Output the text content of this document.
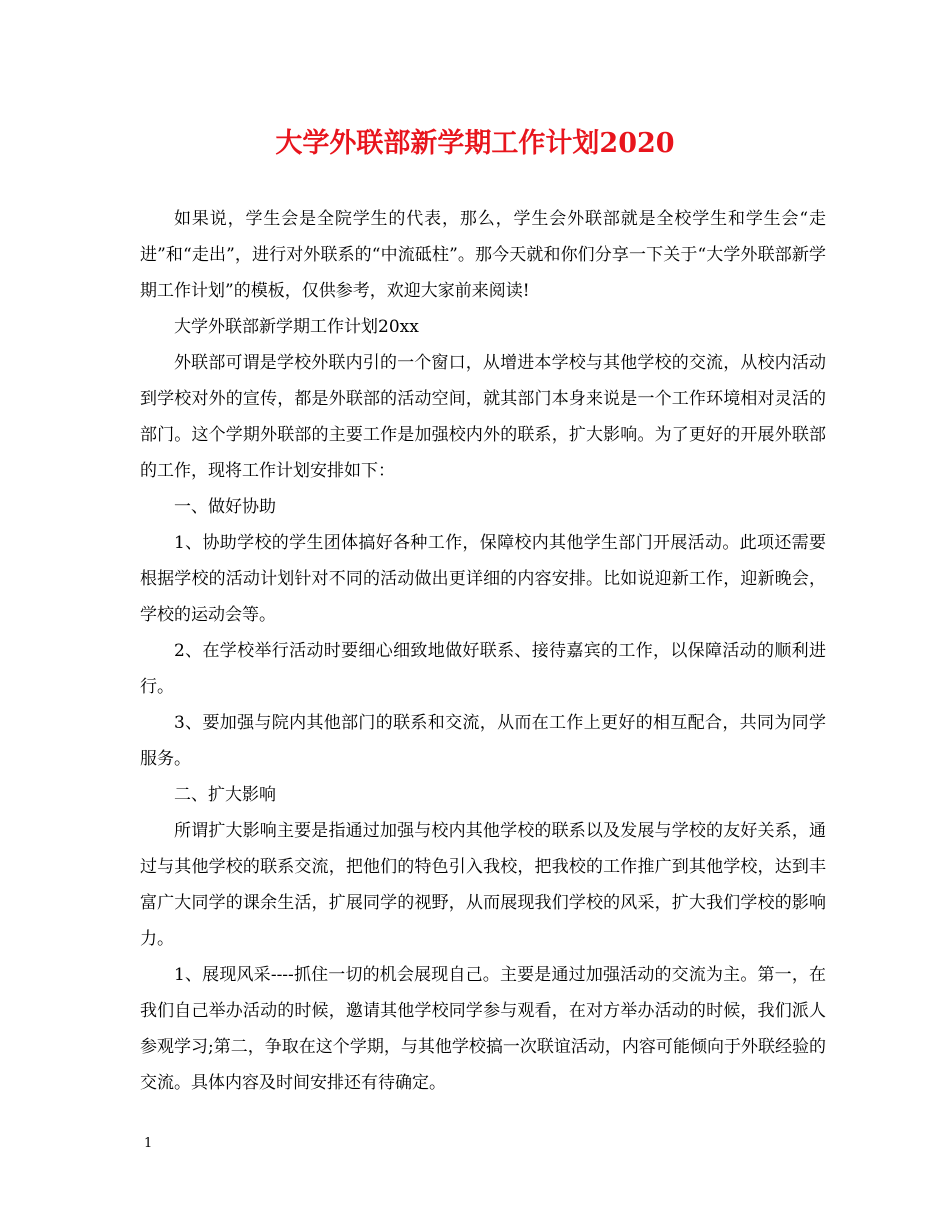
大学外联部新学期工作计划2020

如果说，学生会是全院学生的代表，那么，学生会外联部就是全校学生和学生会“走进”和“走出”，进行对外联系的“中流砥柱”。那今天就和你们分享一下关于“大学外联部新学期工作计划”的模板，仅供参考，欢迎大家前来阅读!

大学外联部新学期工作计划20xx

外联部可谓是学校外联内引的一个窗口，从增进本学校与其他学校的交流，从校内活动到学校对外的宣传，都是外联部的活动空间，就其部门本身来说是一个工作环境相对灵活的部门。这个学期外联部的主要工作是加强校内外的联系，扩大影响。为了更好的开展外联部的工作，现将工作计划安排如下：

一、做好协助

1、协助学校的学生团体搞好各种工作，保障校内其他学生部门开展活动。此项还需要根据学校的活动计划针对不同的活动做出更详细的内容安排。比如说迎新工作，迎新晚会，学校的运动会等。

2、在学校举行活动时要细心细致地做好联系、接待嘉宾的工作，以保障活动的顺利进行。

3、要加强与院内其他部门的联系和交流，从而在工作上更好的相互配合，共同为同学服务。

二、扩大影响

所谓扩大影响主要是指通过加强与校内其他学校的联系以及发展与学校的友好关系，通过与其他学校的联系交流，把他们的特色引入我校，把我校的工作推广到其他学校，达到丰富广大同学的课余生活，扩展同学的视野，从而展现我们学校的风采，扩大我们学校的影响力。

1、展现风采----抓住一切的机会展现自己。主要是通过加强活动的交流为主。第一，在我们自己举办活动的时候，邀请其他学校同学参与观看，在对方举办活动的时候，我们派人参观学习;第二，争取在这个学期，与其他学校搞一次联谊活动，内容可能倾向于外联经验的交流。具体内容及时间安排还有待确定。

1
